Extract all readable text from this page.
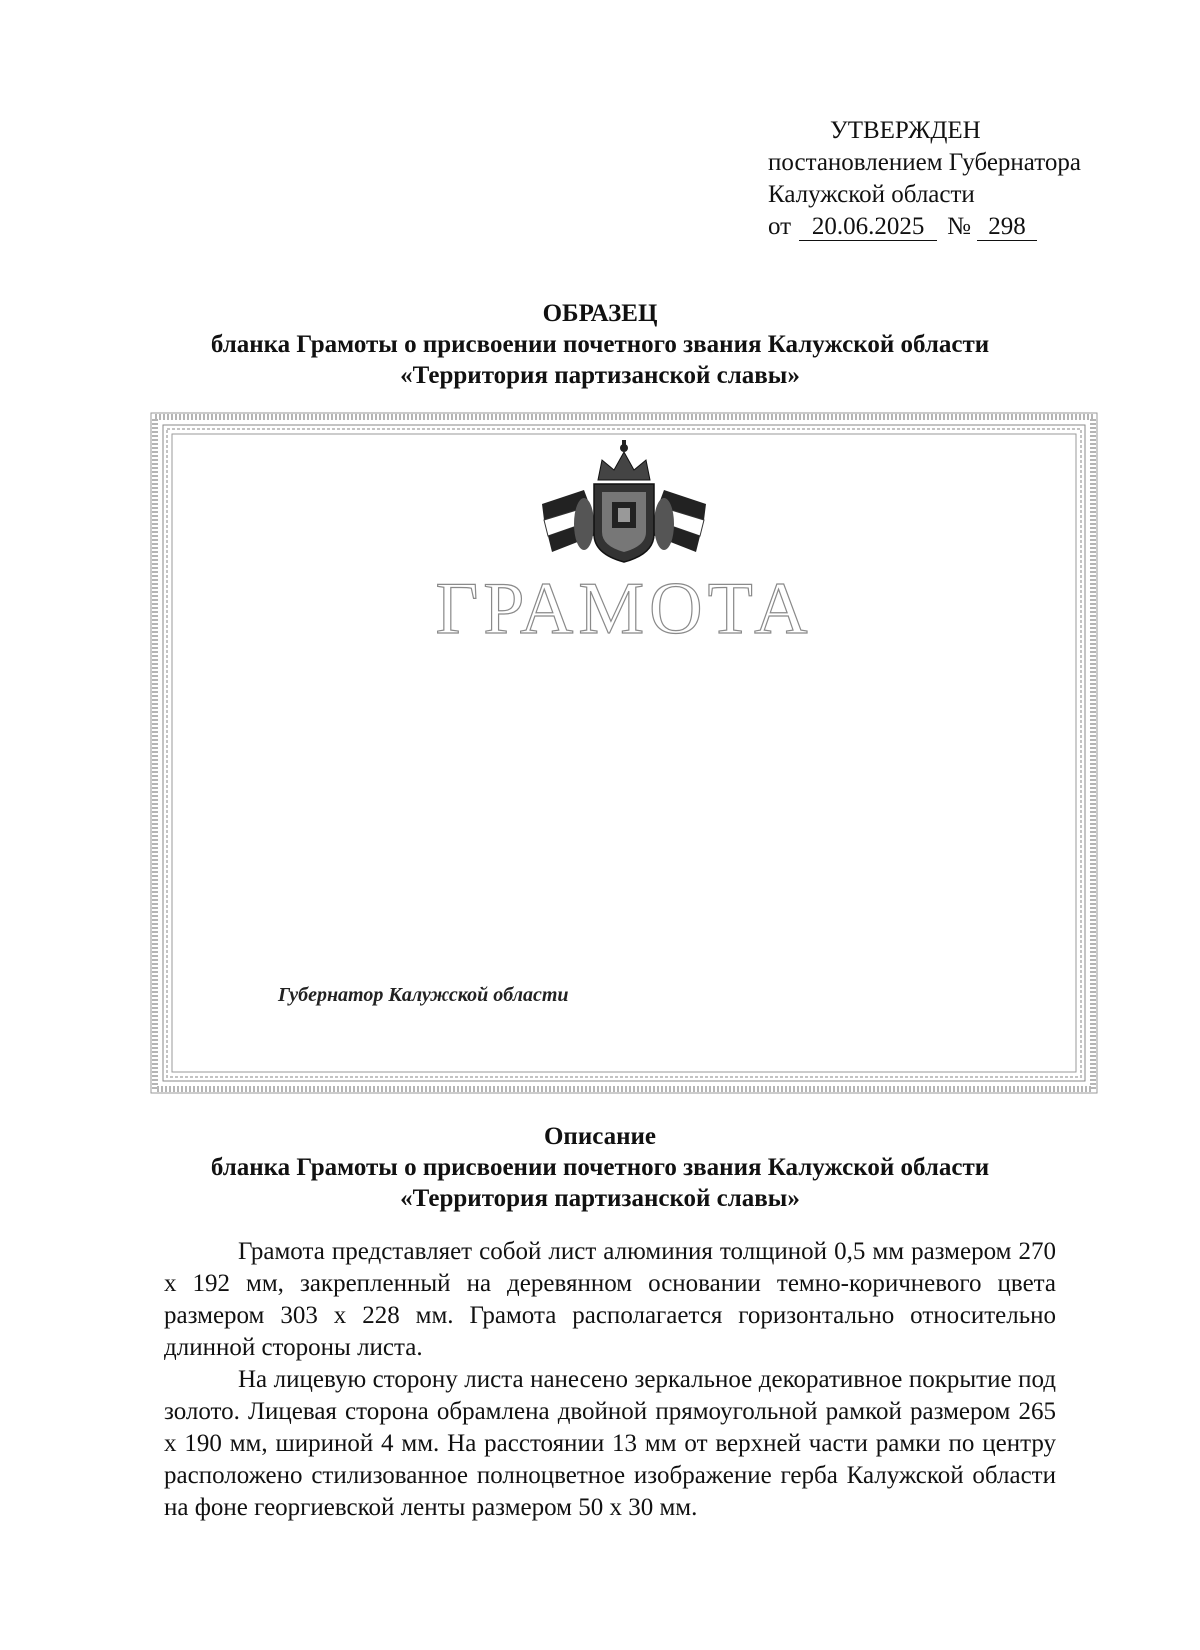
УТВЕРЖДЕН
постановлением Губернатора
Калужской области
от 20.06.2025 № 298
ОБРАЗЕЦ
бланка Грамоты о присвоении почетного звания Калужской области
«Территория партизанской славы»
ГРАМОТА
Губернатор Калужской области
Описание
бланка Грамоты о присвоении почетного звания Калужской области
«Территория партизанской славы»

Грамота представляет собой лист алюминия толщиной 0,5 мм размером 270 х 192 мм, закрепленный на деревянном основании темно-коричневого цвета размером 303 х 228 мм. Грамота располагается горизонтально относительно длинной стороны листа.

На лицевую сторону листа нанесено зеркальное декоративное покрытие под золото. Лицевая сторона обрамлена двойной прямоугольной рамкой размером 265 х 190 мм, шириной 4 мм. На расстоянии 13 мм от верхней части рамки по центру расположено стилизованное полноцветное изображение герба Калужской области на фоне георгиевской ленты размером 50 х 30 мм.
